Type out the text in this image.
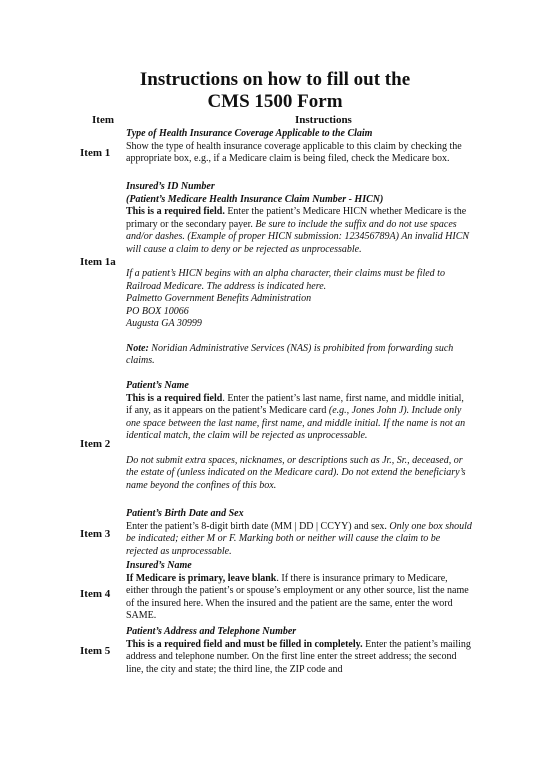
Instructions on how to fill out the
CMS 1500 Form
Item	Instructions
Item 1

Type of Health Insurance Coverage Applicable to the Claim

Show the type of health insurance coverage applicable to this claim by checking the appropriate box, e.g., if a Medicare claim is being filed, check the Medicare box.

Item 1a

Insured’s ID Number

(Patient’s Medicare Health Insurance Claim Number - HICN)

This is a required field. Enter the patient’s Medicare HICN whether Medicare is the primary or the secondary payer. Be sure to include the suffix and do not use spaces and/or dashes. (Example of proper HICN submission: 123456789A) An invalid HICN will cause a claim to deny or be rejected as unprocessable.

If a patient’s HICN begins with an alpha character, their claims must be filed to Railroad Medicare. The address is indicated here.

Palmetto Government Benefits Administration

PO BOX 10066

Augusta GA 30999

Note: Noridian Administrative Services (NAS) is prohibited from forwarding such claims.

Item 2

Patient’s Name

This is a required field. Enter the patient’s last name, first name, and middle initial, if any, as it appears on the patient’s Medicare card (e.g., Jones John J). Include only one space between the last name, first name, and middle initial. If the name is not an identical match, the claim will be rejected as unprocessable.

Do not submit extra spaces, nicknames, or descriptions such as Jr., Sr., deceased, or the estate of (unless indicated on the Medicare card). Do not extend the beneficiary’s name beyond the confines of this box.

Item 3

Patient’s Birth Date and Sex

Enter the patient’s 8-digit birth date (MM | DD | CCYY) and sex. Only one box should be indicated; either M or F. Marking both or neither will cause the claim to be rejected as unprocessable.

Item 4

Insured’s Name

If Medicare is primary, leave blank. If there is insurance primary to Medicare, either through the patient’s or spouse’s employment or any other source, list the name of the insured here. When the insured and the patient are the same, enter the word SAME.

Item 5

Patient’s Address and Telephone Number

This is a required field and must be filled in completely. Enter the patient’s mailing address and telephone number. On the first line enter the street address; the second line, the city and state; the third line, the ZIP code and
